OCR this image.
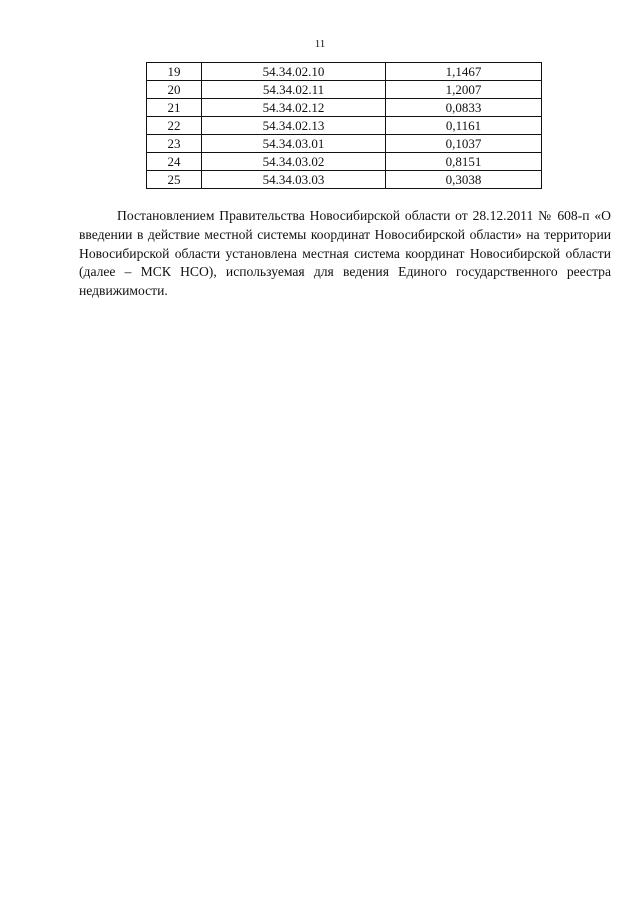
11
19	54.34.02.10	1,1467
20	54.34.02.11	1,2007
21	54.34.02.12	0,0833
22	54.34.02.13	0,1161
23	54.34.03.01	0,1037
24	54.34.03.02	0,8151
25	54.34.03.03	0,3038

Постановлением Правительства Новосибирской области от 28.12.2011 № 608-п «О введении в действие местной системы координат Новосибирской области» на территории Новосибирской области установлена местная система координат Новосибирской области (далее – МСК НСО), используемая для ведения Единого государственного реестра недвижимости.
